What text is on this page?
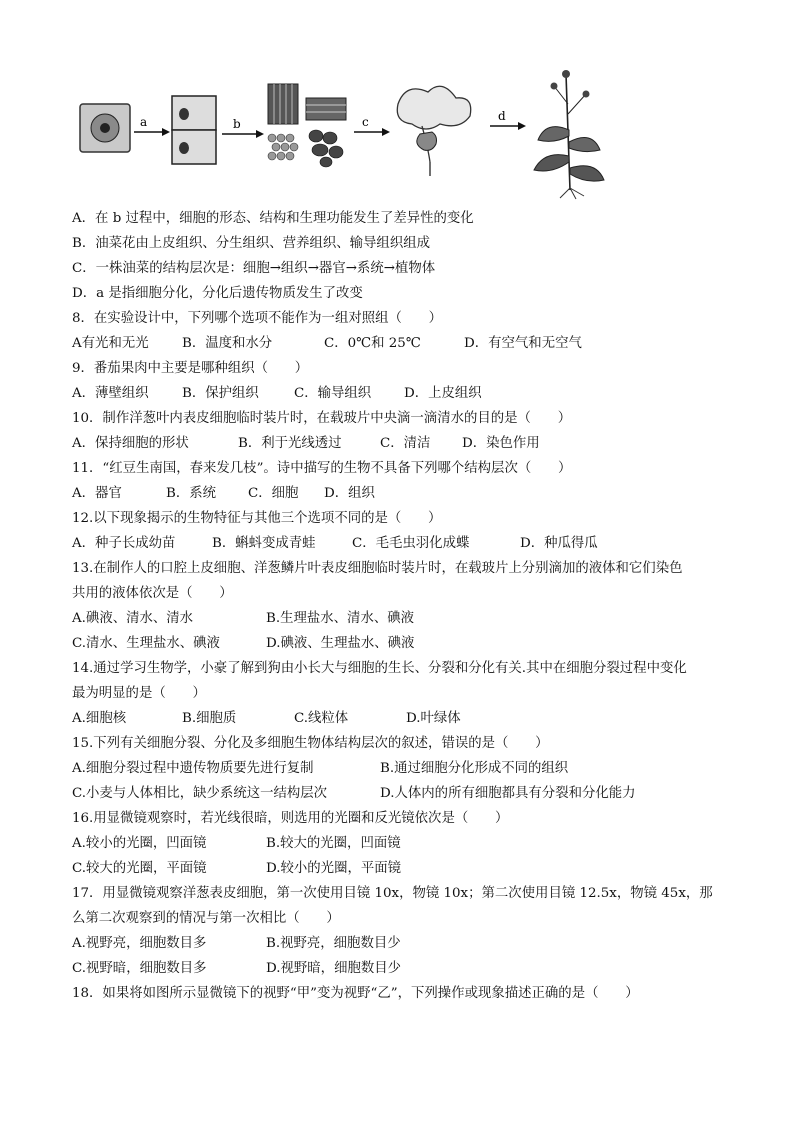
a	b	c	d
A．在 b 过程中，细胞的形态、结构和生理功能发生了差异性的变化
B．油菜花由上皮组织、分生组织、营养组织、输导组织组成
C．一株油菜的结构层次是：细胞→组织→器官→系统→植物体
D．a 是指细胞分化，分化后遗传物质发生了改变
8．在实验设计中，下列哪个选项不能作为一组对照组（　　）
A有光和无光 B．温度和水分	C．0℃和 25℃	D．有空气和无空气
9．番茄果肉中主要是哪种组织（　　）
A．薄壁组织 B．保护组织	C．输导组织 D．上皮组织
10．制作洋葱叶内表皮细胞临时装片时，在载玻片中央滴一滴清水的目的是（　　）
A．保持细胞的形状	B．利于光线透过	C．清洁 D．染色作用
11．“红豆生南国，春来发几枝”。诗中描写的生物不具备下列哪个结构层次（　　）
A．器官	B．系统 C．细胞 D．组织
12.以下现象揭示的生物特征与其他三个选项不同的是（　　）
A．种子长成幼苗	B．蝌蚪变成青蛙	C．毛毛虫羽化成蝶	D．种瓜得瓜
13.在制作人的口腔上皮细胞、洋葱鳞片叶表皮细胞临时装片时，在载玻片上分别滴加的液体和它们染色
共用的液体依次是（　　）
A.碘液、清水、清水	B.生理盐水、清水、碘液
C.清水、生理盐水、碘液	D.碘液、生理盐水、碘液
14.通过学习生物学，小豪了解到狗由小长大与细胞的生长、分裂和分化有关.其中在细胞分裂过程中变化
最为明显的是（　　）
A.细胞核	B.细胞质	C.线粒体	D.叶绿体
15.下列有关细胞分裂、分化及多细胞生物体结构层次的叙述，错误的是（　　）
A.细胞分裂过程中遗传物质要先进行复制	B.通过细胞分化形成不同的组织
C.小麦与人体相比，缺少系统这一结构层次	D.人体内的所有细胞都具有分裂和分化能力
16.用显微镜观察时，若光线很暗，则选用的光圈和反光镜依次是（　　）
A.较小的光圈，凹面镜	B.较大的光圈，凹面镜
C.较大的光圈，平面镜	D.较小的光圈，平面镜
17．用显微镜观察洋葱表皮细胞，第一次使用目镜 10x，物镜 10x；第二次使用目镜 12.5x，物镜 45x，那
么第二次观察到的情况与第一次相比（　　）
A.视野亮，细胞数目多	B.视野亮，细胞数目少
C.视野暗，细胞数目多	D.视野暗，细胞数目少
18．如果将如图所示显微镜下的视野“甲”变为视野“乙”，下列操作或现象描述正确的是（　　）
